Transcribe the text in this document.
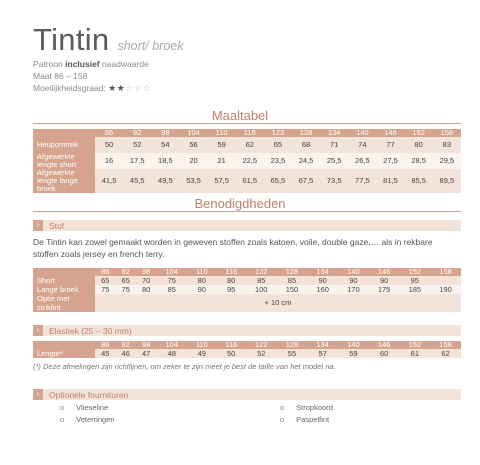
Tintin short/ broek
Patroon inclusief naadwaarde
Maat 86 – 158
Moeilijkheidsgraad: ★★☆☆☆
Maaltabel
	86	92	98	104	110	116	122	128	134	140	146	152	158
Heupomtrek	50	52	54	56	59	62	65	68	71	74	77	80	83
Afgewerkte lengte short	16	17,5	18,5	20	21	22,5	23,5	24,5	25,5	26,5	27,5	28,5	29,5
Afgewerkte lengte lange broek	41,5	45,5	49,5	53,5	57,5	61,5	65,5	67,5	73,5	77,5	81,5	85,5	89,5
Benodigdheden
›	Stof
De Tintin kan zowel gemaakt worden in geweven stoffen zoals katoen, voile, double gaze,… als in rekbare stoffen zoals jersey en french terry.
	86	92	98	104	110	116	122	128	134	140	146	152	158
Short	65	65	70	75	80	80	85	85	90	90	90	95	
Lange broek	75	75	80	85	90	95	100	150	160	170	175	185	190
Optie met strikfint	+ 10 cm												
›	Elastiek (25 – 30 mm)
	86	92	98	104	110	116	122	128	134	140	146	152	158
Lengte*	45	46	47	48	49	50	52	55	57	59	60	61	62
(*) Deze afmelingen zijn richtlijnen, om zeker te zijn meet je best de taille van het model na.
›	Optionele fournituren
o Vlieseline
o Veterringen
o Stropkoord
o Paspelfint
